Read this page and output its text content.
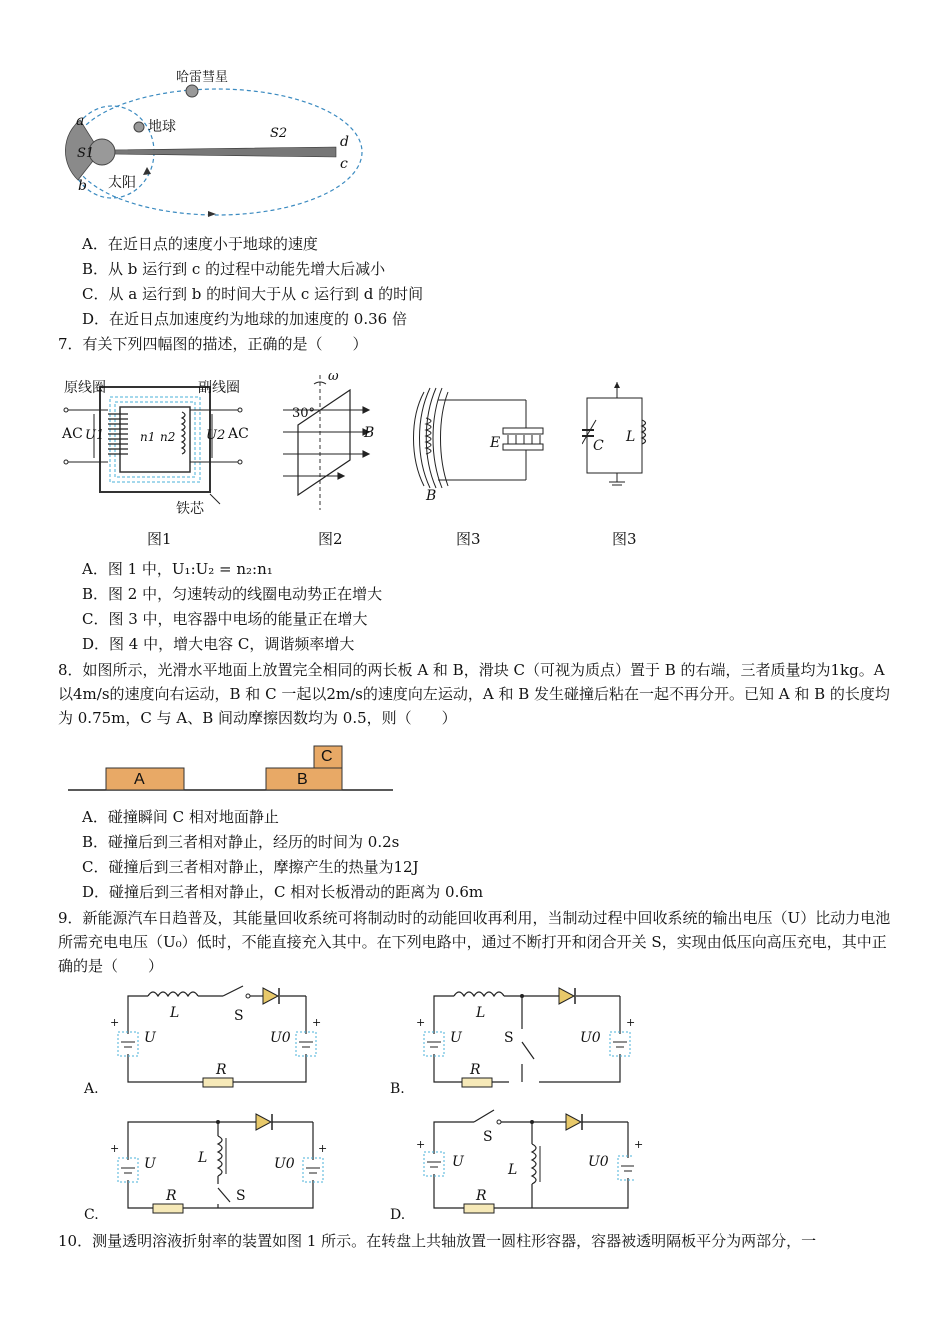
哈雷彗星
地球
太阳
a
b
c
d
S1
S2
A．在近日点的速度小于地球的速度
B．从 b 运行到 c 的过程中动能先增大后减小
C．从 a 运行到 b 的时间大于从 c 运行到 d 的时间
D．在近日点加速度约为地球的加速度的 0.36 倍
7．有关下列四幅图的描述，正确的是（　　）
原线圈	副线圈
AC U1	n1 n2 U2 AC
铁芯
图1
ω
30°
B
图2
E
B
图3
C
L
图3
A．图 1 中，U₁:U₂ = n₂:n₁
B．图 2 中，匀速转动的线圈电动势正在增大
C．图 3 中，电容器中电场的能量正在增大
D．图 4 中，增大电容 C，调谐频率增大
8．如图所示，光滑水平地面上放置完全相同的两长板 A 和 B，滑块 C（可视为质点）置于 B 的右端，三者质量均为1kg。A 以4m/s的速度向右运动，B 和 C 一起以2m/s的速度向左运动，A 和 B 发生碰撞后粘在一起不再分开。已知 A 和 B 的长度均为 0.75m，C 与 A、B 间动摩擦因数均为 0.5，则（　　）
A	B
C
A．碰撞瞬间 C 相对地面静止
B．碰撞后到三者相对静止，经历的时间为 0.2s
C．碰撞后到三者相对静止，摩擦产生的热量为12J
D．碰撞后到三者相对静止，C 相对长板滑动的距离为 0.6m
9．新能源汽车日趋普及，其能量回收系统可将制动时的动能回收再利用，当制动过程中回收系统的输出电压（U）比动力电池所需充电电压（U₀）低时，不能直接充入其中。在下列电路中，通过不断打开和闭合开关 S，实现由低压向高压充电，其中正确的是（　　）
L	S
U	U0
R
+	+
A.
L
S
U	U0
R
+	+
B.
L
S
U	U0
R
+	+
C.
S
L
U	U0
R
+	+
D.
10．测量透明溶液折射率的装置如图 1 所示。在转盘上共轴放置一圆柱形容器，容器被透明隔板平分为两部分，一
